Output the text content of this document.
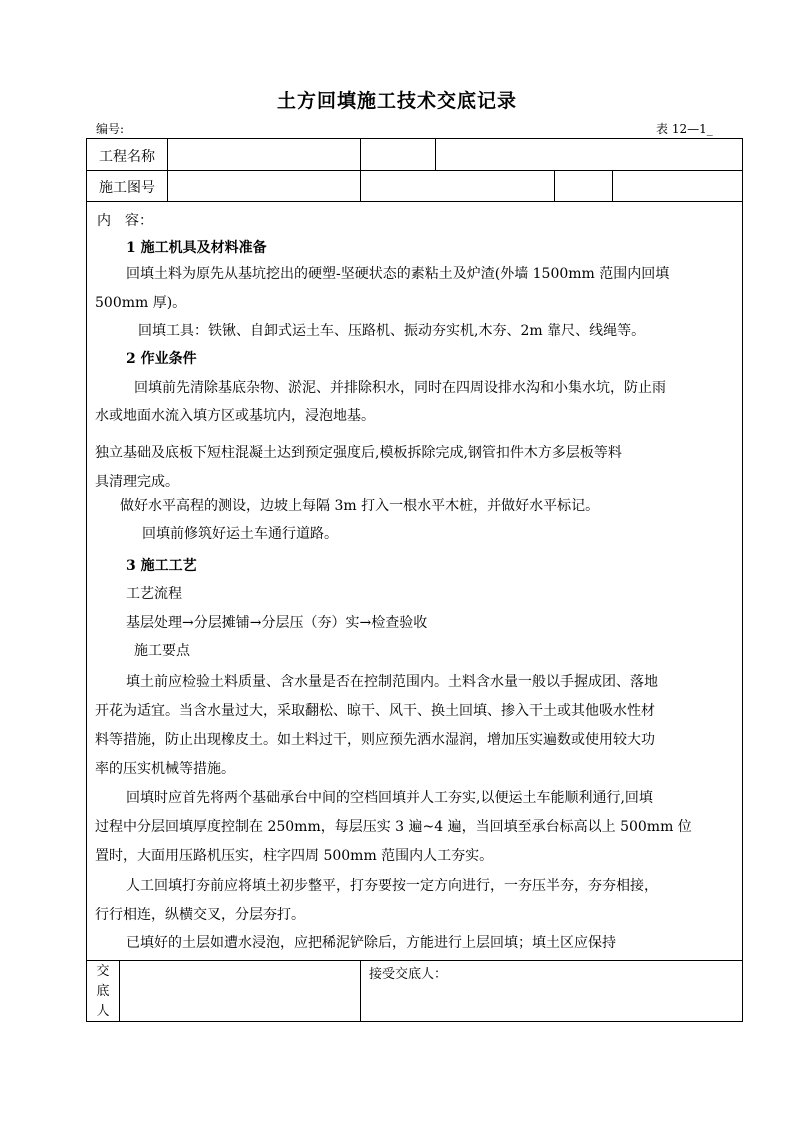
土方回填施工技术交底记录
编号:	表 12—1_
工程名称
施工图号
内　容：
1 施工机具及材料准备
回填土料为原先从基坑挖出的硬塑-坚硬状态的素粘土及炉渣(外墙 1500mm 范围内回填
500mm 厚)。
回填工具：铁锹、自卸式运土车、压路机、振动夯实机,木夯、2m 靠尺、线绳等。
2 作业条件
回填前先清除基底杂物、淤泥、并排除积水，同时在四周设排水沟和小集水坑，防止雨
水或地面水流入填方区或基坑内，浸泡地基。
独立基础及底板下短柱混凝土达到预定强度后,模板拆除完成,钢管扣件木方多层板等料
具清理完成。
做好水平高程的测设，边坡上每隔 3m 打入一根水平木桩，并做好水平标记。
回填前修筑好运土车通行道路。
3 施工工艺
工艺流程
基层处理→分层摊铺→分层压（夯）实→检查验收
施工要点
填土前应检验土料质量、含水量是否在控制范围内。土料含水量一般以手握成团、落地
开花为适宜。当含水量过大，采取翻松、晾干、风干、换土回填、掺入干土或其他吸水性材
料等措施，防止出现橡皮土。如土料过干，则应预先洒水湿润，增加压实遍数或使用较大功
率的压实机械等措施。
回填时应首先将两个基础承台中间的空档回填并人工夯实,以便运土车能顺利通行,回填
过程中分层回填厚度控制在 250mm，每层压实 3 遍~4 遍，当回填至承台标高以上 500mm 位
置时，大面用压路机压实，柱字四周 500mm 范围内人工夯实。
人工回填打夯前应将填土初步整平，打夯要按一定方向进行，一夯压半夯，夯夯相接，
行行相连，纵横交叉，分层夯打。
已填好的土层如遭水浸泡，应把稀泥铲除后，方能进行上层回填；填土区应保持
交
底
人
接受交底人：
